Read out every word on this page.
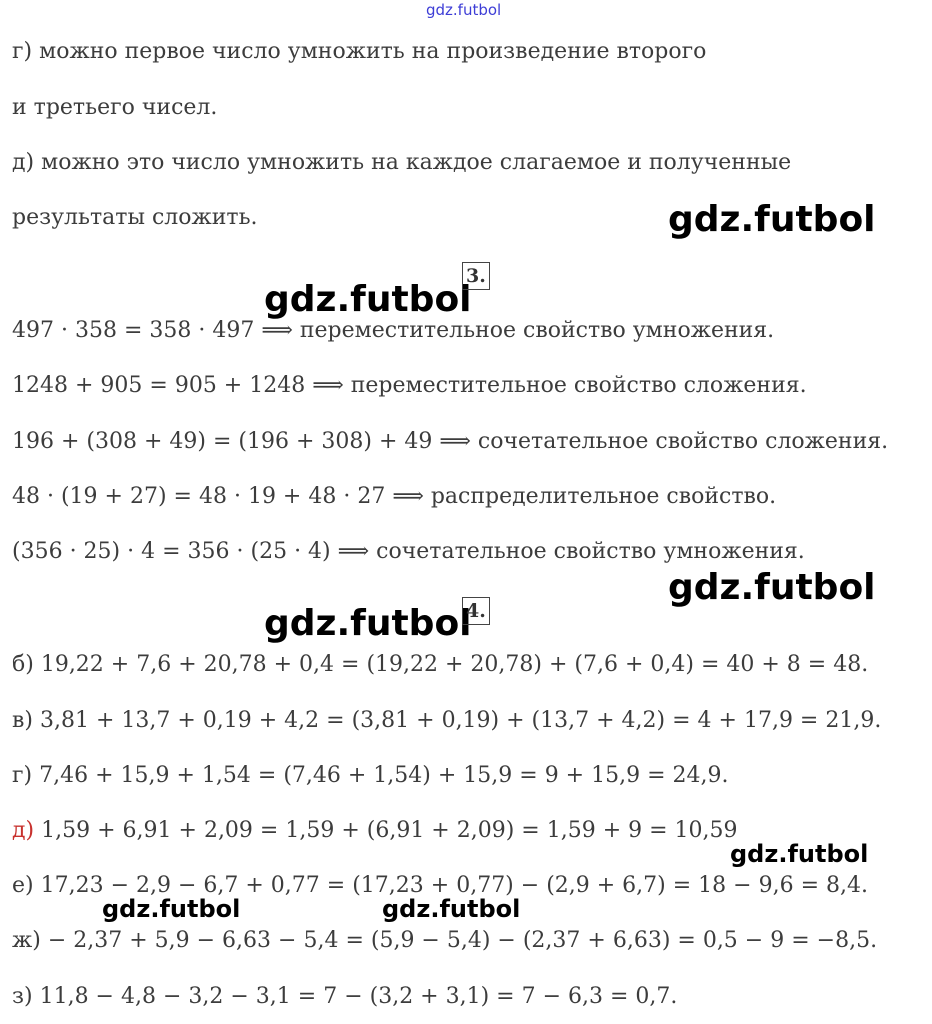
gdz.futbol
gdz.futbol
gdz.futbol
gdz.futbol
gdz.futbol
gdz.futbol
gdz.futbol	gdz.futbol
г) можно первое число умножить на произведение второго
и третьего чисел.
д) можно это число умножить на каждое слагаемое и полученные
результаты сложить.
3.
497 · 358 = 358 · 497 ⟹ переместительное свойство умножения.
1248 + 905 = 905 + 1248 ⟹ переместительное свойство сложения.
196 + (308 + 49) = (196 + 308) + 49 ⟹ сочетательное свойство сложения.
48 · (19 + 27) = 48 · 19 + 48 · 27 ⟹ распределительное свойство.
(356 · 25) · 4 = 356 · (25 · 4) ⟹ сочетательное свойство умножения.
4.
б) 19,22 + 7,6 + 20,78 + 0,4 = (19,22 + 20,78) + (7,6 + 0,4) = 40 + 8 = 48.
в) 3,81 + 13,7 + 0,19 + 4,2 = (3,81 + 0,19) + (13,7 + 4,2) = 4 + 17,9 = 21,9.
г) 7,46 + 15,9 + 1,54 = (7,46 + 1,54) + 15,9 = 9 + 15,9 = 24,9.
д) 1,59 + 6,91 + 2,09 = 1,59 + (6,91 + 2,09) = 1,59 + 9 = 10,59
е) 17,23 − 2,9 − 6,7 + 0,77 = (17,23 + 0,77) − (2,9 + 6,7) = 18 − 9,6 = 8,4.
ж) − 2,37 + 5,9 − 6,63 − 5,4 = (5,9 − 5,4) − (2,37 + 6,63) = 0,5 − 9 = −8,5.
з) 11,8 − 4,8 − 3,2 − 3,1 = 7 − (3,2 + 3,1) = 7 − 6,3 = 0,7.
